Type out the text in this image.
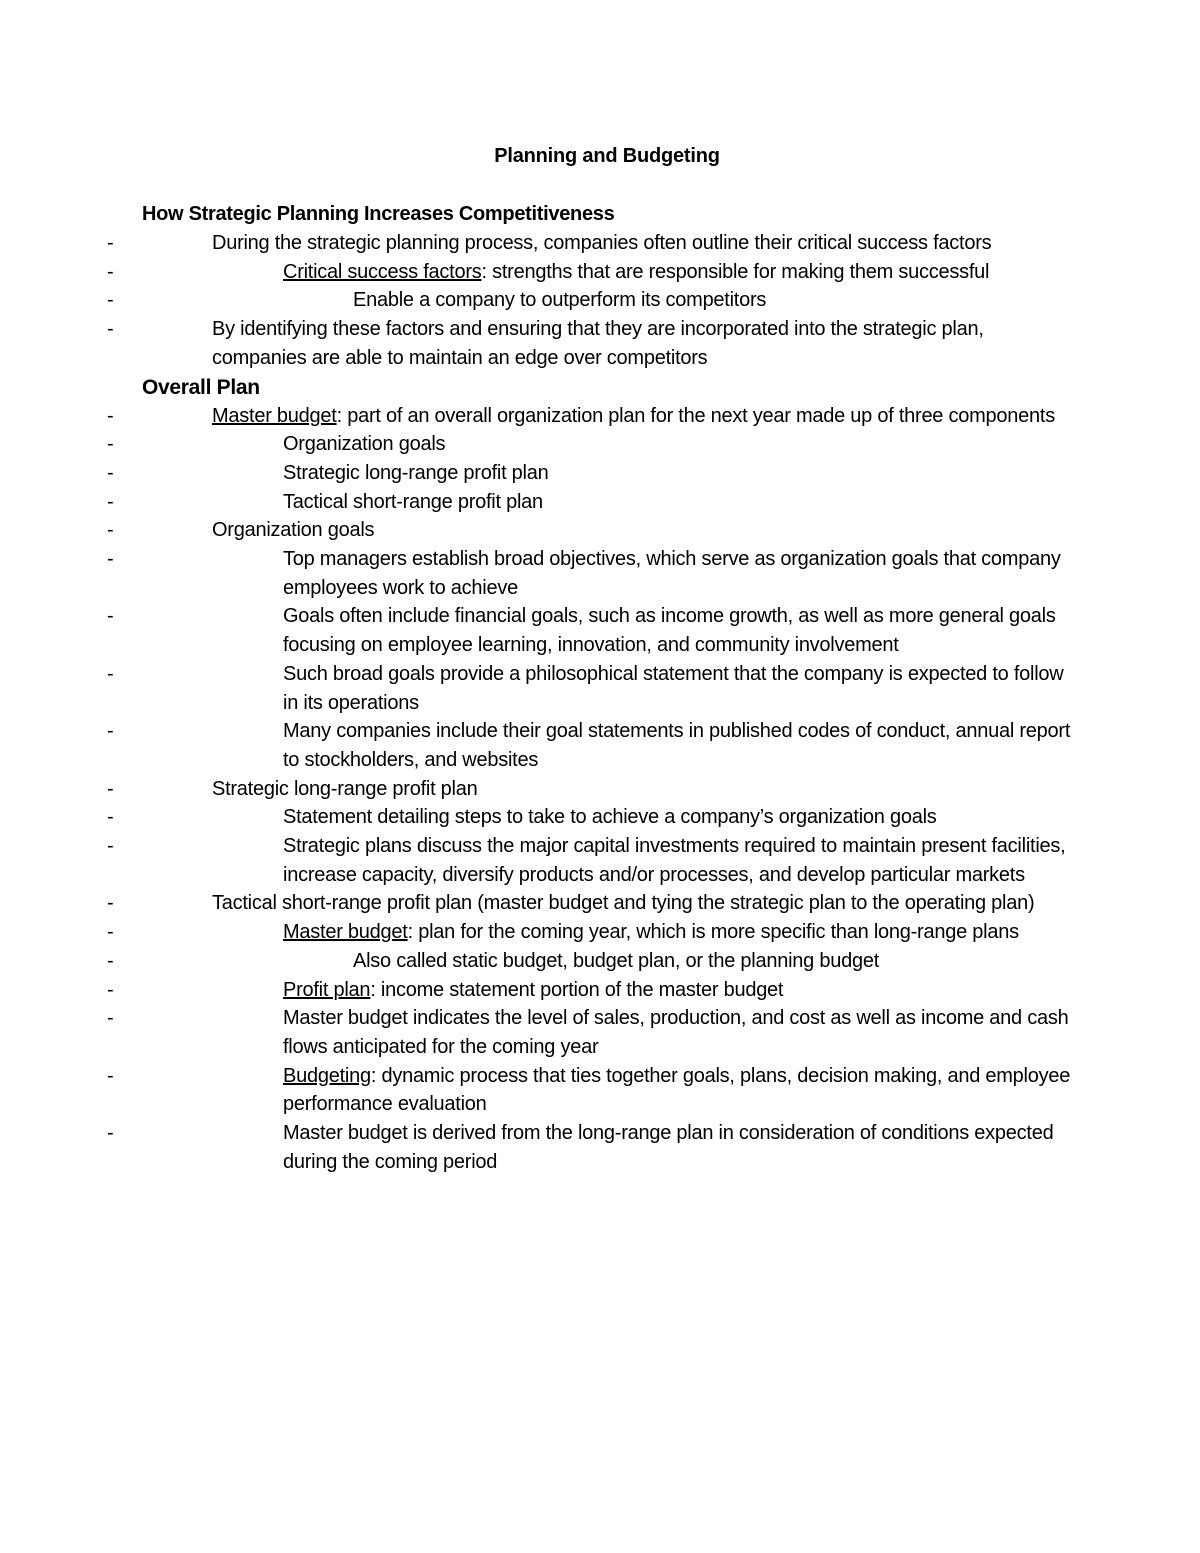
Planning and Budgeting
How Strategic Planning Increases Competitiveness
-	During the strategic planning process, companies often outline their critical success factors
-	Critical success factors: strengths that are responsible for making them successful
-	Enable a company to outperform its competitors
-	By identifying these factors and ensuring that they are incorporated into the strategic plan, companies are able to maintain an edge over competitors
Overall Plan
-	Master budget: part of an overall organization plan for the next year made up of three components
-	Organization goals
-	Strategic long-range profit plan
-	Tactical short-range profit plan
-	Organization goals
-	Top managers establish broad objectives, which serve as organization goals that company employees work to achieve
-	Goals often include financial goals, such as income growth, as well as more general goals focusing on employee learning, innovation, and community involvement
-	Such broad goals provide a philosophical statement that the company is expected to follow in its operations
-	Many companies include their goal statements in published codes of conduct, annual report to stockholders, and websites
-	Strategic long-range profit plan
-	Statement detailing steps to take to achieve a company’s organization goals
-	Strategic plans discuss the major capital investments required to maintain present facilities, increase capacity, diversify products and/or processes, and develop particular markets
-	Tactical short-range profit plan (master budget and tying the strategic plan to the operating plan)
-	Master budget: plan for the coming year, which is more specific than long-range plans
-	Also called static budget, budget plan, or the planning budget
-	Profit plan: income statement portion of the master budget
-	Master budget indicates the level of sales, production, and cost as well as income and cash flows anticipated for the coming year
-	Budgeting: dynamic process that ties together goals, plans, decision making, and employee performance evaluation
-	Master budget is derived from the long-range plan in consideration of conditions expected during the coming period
